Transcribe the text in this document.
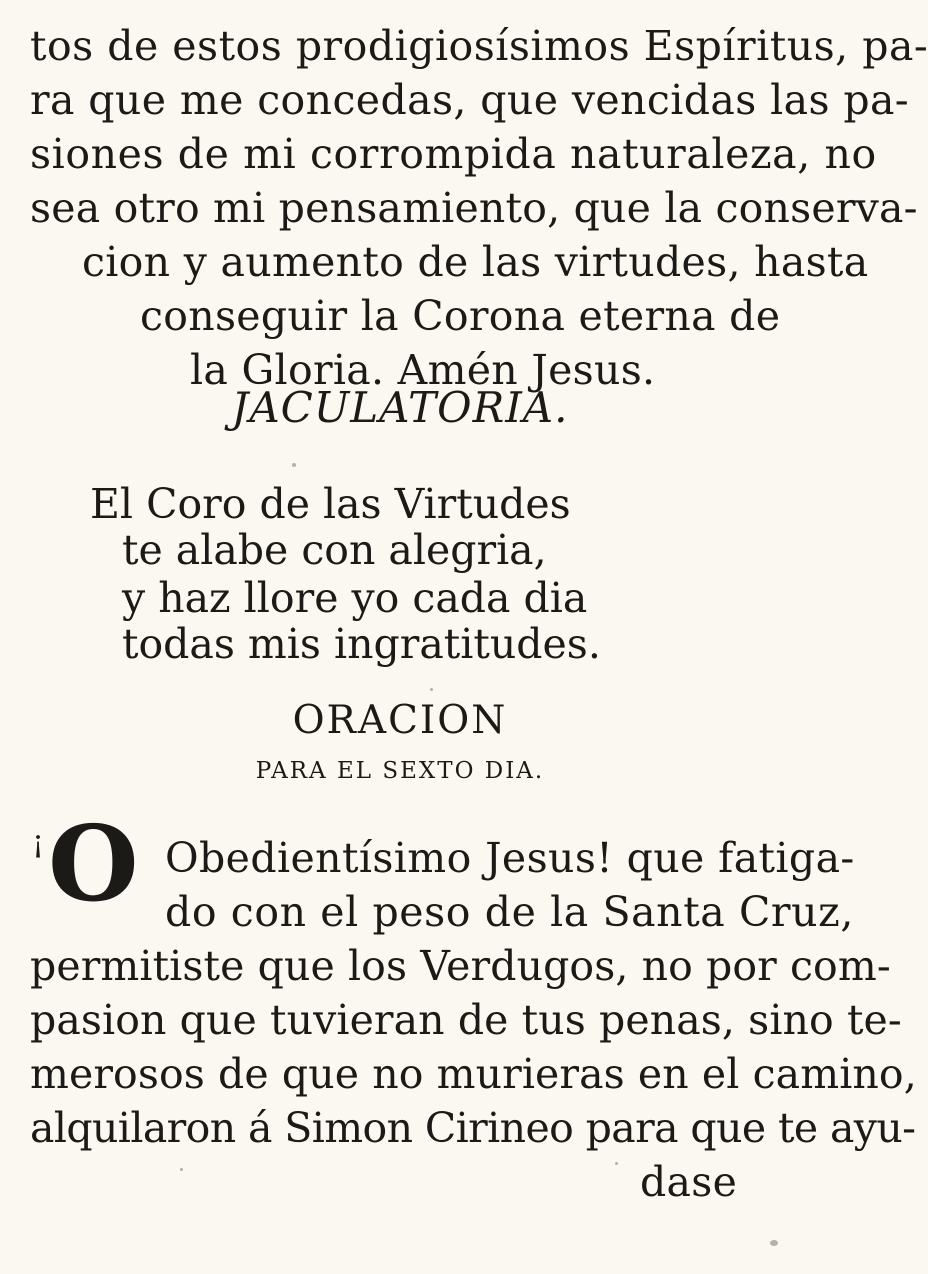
tos de estos prodigiosísimos Espíritus, pa-
ra que me concedas, que vencidas las pa-
siones de mi corrompida naturaleza, no
sea otro mi pensamiento, que la conserva-
cion y aumento de las virtudes, hasta
conseguir la Corona eterna de
la Gloria. Amén Jesus.
JACULATORIA.
El Coro de las Virtudes
te alabe con alegria,
y haz llore yo cada dia
todas mis ingratitudes.
ORACION
PARA EL SEXTO DIA.
¡ O Obedientísimo Jesus! que fatiga-
do con el peso de la Santa Cruz,
permitiste que los Verdugos, no por com-
pasion que tuvieran de tus penas, sino te-
merosos de que no murieras en el camino,
alquilaron á Simon Cirineo para que te ayu-
dase
